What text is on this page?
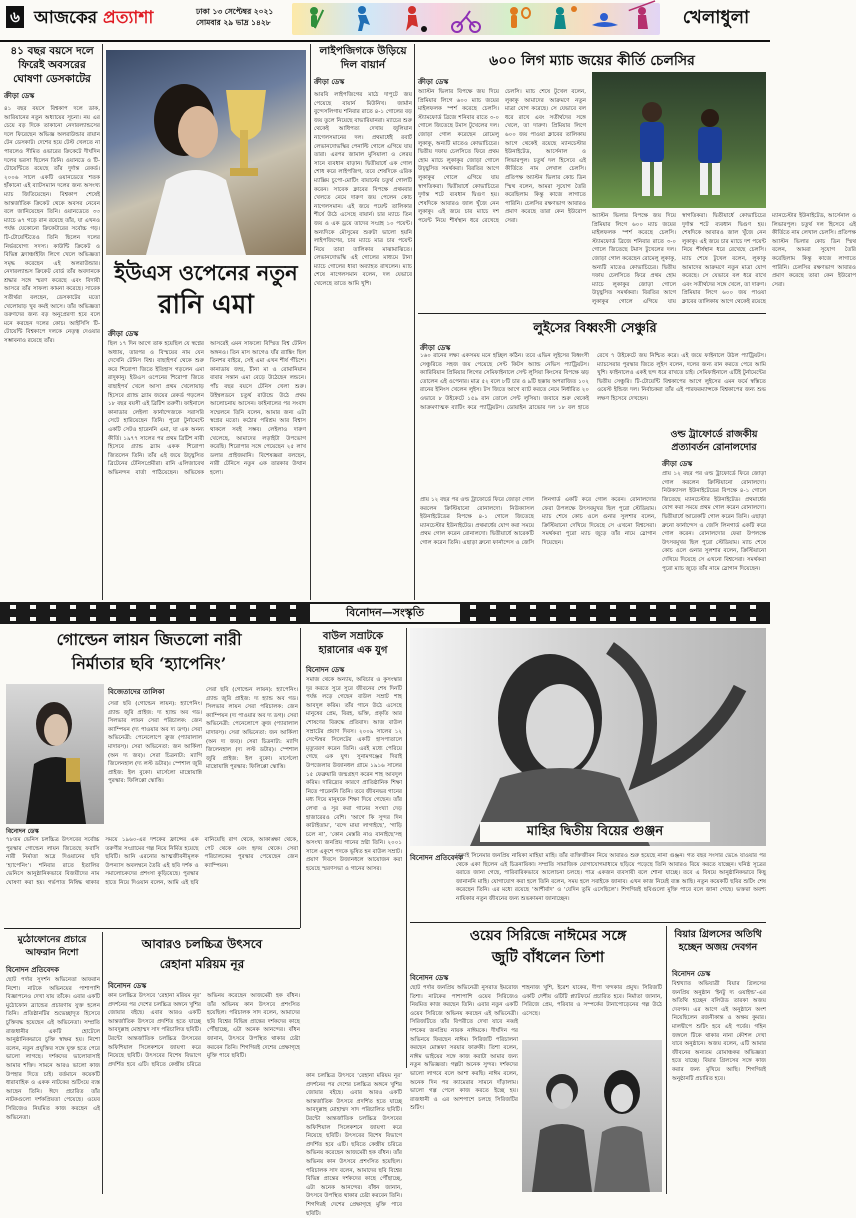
৬ আজকের প্রত্যাশা	ঢাকা ১৩ সেপ্টেম্বর ২০২১
সোমবার ২৯ ভাদ্র ১৪২৮	খেলাধুলা
৪১ বছর বয়সে দলে ফিরেই অবসরের ঘোষণা ডেসকাটের
ক্রীড়া ডেস্ক

৪১ বছর বয়সে বিশ্বকাপ দলে ডাক, আরিয়ানের নতুন অধ্যায়ের সূচনা। নয় এর চেয়ে বড় দিকে তাকানো নেদারল্যান্ডসের দলে ফিরেছেন অভিজ্ঞ অলরাউন্ডার রায়ান টেন ডেসকাট। দেশের হয়ে টেস্ট খেলতে না পারলেও সীমিত ওভারের ক্রিকেটে দীর্ঘদিন দলের ভরসা ছিলেন তিনি। ওয়ানডে ও টি-টোয়েন্টিতে রয়েছে তাঁর দুর্দান্ত রেকর্ড। ২০০৬ সালে একটি ওয়ানডেতে শতক হাঁকানো এই ব্যাটসম্যান দলের জন্য অসংখ্য ম্যাচ জিতিয়েছেন। বিশ্বকাপ শেষেই আন্তর্জাতিক ক্রিকেট থেকে অবসর নেবেন বলে জানিয়েছেন তিনি। ওয়ানডেতে ৩৩ ম্যাচে ৬৭ গড়ে রান রয়েছে তাঁর, যা এখনও পর্যন্ত যেকোনো ক্রিকেটারের সর্বোচ্চ গড়। টি-টোয়েন্টিতেও তিনি ছিলেন দলের নির্ভরযোগ্য সদস্য। কাউন্টি ক্রিকেট ও বিভিন্ন ফ্র্যাঞ্চাইজি লিগে খেলে অভিজ্ঞতা সমৃদ্ধ করেছেন এই অলরাউন্ডার। নেদারল্যান্ডস ক্রিকেট বোর্ড তাঁর অবদানকে শ্রদ্ধার সঙ্গে স্মরণ করেছে এবং বিদায়ী আসরে তাঁর সাফল্য কামনা করেছে। সাবেক সতীর্থরা বলছেন, ডেসকাটের মতো খেলোয়াড় খুব কমই আসে। তাঁর অভিজ্ঞতা তরুণদের জন্য বড় অনুপ্রেরণা হবে বলে মনে করছেন দলের কোচ। আইসিসি টি-টোয়েন্টি বিশ্বকাপে দলকে নেতৃত্ব দেওয়ার সম্ভাবনাও রয়েছে তাঁর।

ইউএস ওপেনের নতুন
রানি এমা
ক্রীড়া ডেস্ক

ছিল ১৭ দিন আগে তাক হয়েছিল যে স্বপ্নের অধ্যায়, তারপর ও বিস্ময়ের নাম যেন দেখেনি টেনিস বিশ্ব। বাছাইপর্ব থেকে শুরু করে শিরোপা জিতে ইতিহাস গড়লেন এমা রাদুকানু। ইউএস ওপেনের শিরোপা জিতে বাছাইপর্ব খেলে আসা প্রথম খেলোয়াড় হিসেবে গ্র্যান্ড স্ল্যাম জয়ের রেকর্ড গড়লেন ১৮ বছর বয়সী এই ব্রিটিশ তরুণী। ফাইনালে কানাডার লেইলা ফার্নান্দেজকে সরাসরি সেটে হারিয়েছেন তিনি। পুরো টুর্নামেন্টে একটি সেটও হারেননি এমা, যা এক অনন্য কীর্তি। ১৯৭৭ সালের পর প্রথম ব্রিটিশ নারী হিসেবে গ্র্যান্ড স্ল্যাম একক শিরোপা জিতলেন তিনি। তাঁর এই জয়ে উচ্ছ্বসিত ব্রিটেনের টেনিসপ্রেমীরা। রানি এলিজাবেথ অভিনন্দন বার্তা পাঠিয়েছেন। অভিষেক আসরেই এমন সাফল্যে বিস্মিত বিশ্ব টেনিস অঙ্গনও। তিন মাস আগেও যাঁর র‍্যাঙ্কিং ছিল তিনশর বাইরে, সেই এমা এখন শীর্ষ পঁচিশে। কানাডায় জন্ম, চীনা মা ও রোমানিয়ান বাবার সন্তান এমা বেড়ে উঠেছেন লন্ডনে। পাঁচ বছর বয়সে টেনিস খেলা শুরু। উইম্বলডনে চতুর্থ রাউন্ডে উঠে প্রথম আলোচনায় আসেন। ফাইনালের পর সংবাদ সম্মেলনে তিনি বলেন, আমার জন্য এটা স্বপ্নের মতো। কঠোর পরিশ্রম আর বিশ্বাস থাকলে সবই সম্ভব। লেইলাও দারুণ খেলেছে, আমাদের লড়াইটা উপভোগ করেছি। শিরোপার সঙ্গে পেয়েছেন ২৫ লাখ ডলার প্রাইজমানি। বিশেষজ্ঞরা বলছেন, নারী টেনিসে নতুন এক তারকার উত্থান হলো।

লাইপজিগকে উড়িয়ে দিল বায়ার্ন
ক্রীড়া ডেস্ক

আরবি লাইপজিগের মাঠে দাপুটে জয় পেয়েছে বায়ার্ন মিউনিখ। জার্মান বুন্দেসলিগায় শনিবার রাতে ৪-১ গোলের বড় জয় তুলে নিয়েছে বাভারিয়ানরা। ম্যাচের শুরু থেকেই আধিপত্য দেখায় জুলিয়ান নাগেলসমানের দল। প্রথমার্ধেই রবার্ট লেভানদোভস্কির পেনাল্টি গোলে এগিয়ে যায় তারা। এরপর জামাল মুসিয়ালা ও লেরয় সানে ব্যবধান বাড়ান। দ্বিতীয়ার্ধে এক গোল শোধ করে লাইপজিগ, তবে শেষদিকে এরিক ম্যাক্সিম চুপো-মোটিং বায়ার্নের চতুর্থ গোলটি করেন। সাবেক ক্লাবের বিপক্ষে প্রথমবার খেলতে নেমে দারুণ জয় পেলেন কোচ নাগেলসমান। এই জয়ে পয়েন্ট তালিকার শীর্ষে উঠে এসেছে বায়ার্ন। চার ম্যাচে তিন জয় ও এক ড্রয়ে তাদের সংগ্রহ ১০ পয়েন্ট। অন্যদিকে মৌসুমের শুরুটা ভালো হয়নি লাইপজিগের, চার ম্যাচে মাত্র চার পয়েন্ট নিয়ে তারা তালিকার মাঝামাঝিতে। লেভানদোভস্কি এই গোলের মাধ্যমে টানা ম্যাচে গোলের ধারা অব্যাহত রাখলেন। ম্যাচ শেষে নাগেলসমান বলেন, দল যেভাবে খেলেছে তাতে আমি খুশি।

৬০০ লিগ ম্যাচ জয়ের কীর্তি চেলসির
ক্রীড়া ডেস্ক

অ্যাস্টন ভিলার বিপক্ষে জয় দিয়ে প্রিমিয়ার লিগে ৬০০ ম্যাচ জয়ের মাইলফলক স্পর্শ করেছে চেলসি। স্ট্যামফোর্ড ব্রিজে শনিবার রাতে ৩-০ গোলে জিতেছে টমাস টুখেলের দল। জোড়া গোল করেছেন রোমেলু লুকাকু, অন্যটি মাতেও কোভাচিচের। দ্বিতীয় দফায় চেলসিতে ফিরে প্রথম হোম ম্যাচে লুকাকুর জোড়া গোলে উচ্ছ্বসিত সমর্থকরা। বিরতির আগে লুকাকুর গোলে এগিয়ে যায় স্বাগতিকরা। দ্বিতীয়ার্ধে কোভাচিচের দুর্দান্ত শটে ব্যবধান দ্বিগুণ হয়। শেষদিকে আবারও জাল খুঁজে নেন লুকাকু। এই জয়ে চার ম্যাচে দশ পয়েন্ট নিয়ে শীর্ষস্থান ধরে রেখেছে চেলসি। ম্যাচ শেষে টুখেল বলেন, লুকাকু আমাদের আক্রমণে নতুন মাত্রা যোগ করেছে। সে যেভাবে বল ধরে রাখে এবং সতীর্থদের সঙ্গে খেলে, তা দারুণ। প্রিমিয়ার লিগে ৬০০ জয় পাওয়া ক্লাবের তালিকায় আগে থেকেই রয়েছে ম্যানচেস্টার ইউনাইটেড, আর্সেনাল ও লিভারপুল। চতুর্থ দল হিসেবে এই কীর্তিতে নাম লেখাল চেলসি। প্রতিপক্ষ অ্যাস্টন ভিলার কোচ ডিন স্মিথ বলেন, আমরা সুযোগ তৈরি করেছিলাম কিন্তু কাজে লাগাতে পারিনি। চেলসির রক্ষণভাগ আবারও প্রমাণ করেছে তারা কেন ইউরোপ সেরা।

অ্যাস্টন ভিলার বিপক্ষে জয় দিয়ে প্রিমিয়ার লিগে ৬০০ ম্যাচ জয়ের মাইলফলক স্পর্শ করেছে চেলসি। স্ট্যামফোর্ড ব্রিজে শনিবার রাতে ৩-০ গোলে জিতেছে টমাস টুখেলের দল। জোড়া গোল করেছেন রোমেলু লুকাকু, অন্যটি মাতেও কোভাচিচের। দ্বিতীয় দফায় চেলসিতে ফিরে প্রথম হোম ম্যাচে লুকাকুর জোড়া গোলে উচ্ছ্বসিত সমর্থকরা। বিরতির আগে লুকাকুর গোলে এগিয়ে যায় স্বাগতিকরা। দ্বিতীয়ার্ধে কোভাচিচের দুর্দান্ত শটে ব্যবধান দ্বিগুণ হয়। শেষদিকে আবারও জাল খুঁজে নেন লুকাকু। এই জয়ে চার ম্যাচে দশ পয়েন্ট নিয়ে শীর্ষস্থান ধরে রেখেছে চেলসি। ম্যাচ শেষে টুখেল বলেন, লুকাকু আমাদের আক্রমণে নতুন মাত্রা যোগ করেছে। সে যেভাবে বল ধরে রাখে এবং সতীর্থদের সঙ্গে খেলে, তা দারুণ। প্রিমিয়ার লিগে ৬০০ জয় পাওয়া ক্লাবের তালিকায় আগে থেকেই রয়েছে ম্যানচেস্টার ইউনাইটেড, আর্সেনাল ও লিভারপুল। চতুর্থ দল হিসেবে এই কীর্তিতে নাম লেখাল চেলসি। প্রতিপক্ষ অ্যাস্টন ভিলার কোচ ডিন স্মিথ বলেন, আমরা সুযোগ তৈরি করেছিলাম কিন্তু কাজে লাগাতে পারিনি। চেলসির রক্ষণভাগ আবারও প্রমাণ করেছে তারা কেন ইউরোপ সেরা।

লুইসের বিধ্বংসী সেঞ্চুরি
ক্রীড়া ডেস্ক

১৬০ রানের লক্ষ্য একসময় মনে হচ্ছিল কঠিন। তবে এভিন লুইসের বিধ্বংসী সেঞ্চুরিতে সহজ জয় পেয়েছে সেন্ট কিটস অ্যান্ড নেভিস প্যাট্রিয়টস। ক্যারিবিয়ান প্রিমিয়ার লিগের সেমিফাইনালে সেন্ট লুসিয়া কিংসের বিপক্ষে ঝড় তোলেন এই ওপেনার। মাত্র ৫২ বলে ৮টি চার ও ৯টি ছক্কায় অপরাজিত ১০২ রানের ইনিংস খেলেন লুইস। টস জিতে আগে ব্যাট করতে নেমে নির্ধারিত ২০ ওভারে ৮ উইকেটে ১৫৯ রান তোলে সেন্ট লুসিয়া। জবাবে শুরু থেকেই আক্রমণাত্মক ব্যাটিং করে প্যাট্রিয়টস। ডোয়াইন ব্রাভোর দল ১৮ বল হাতে রেখে ৭ উইকেটে জয় নিশ্চিত করে। এই জয়ে ফাইনালে উঠল প্যাট্রিয়টস। ম্যাচসেরার পুরস্কার জিতে লুইস বলেন, দলের জন্য রান করতে পেরে আমি খুশি। ফাইনালেও একই ছন্দ ধরে রাখতে চাই। সেমিফাইনালে এটিই টুর্নামেন্টের দ্বিতীয় সেঞ্চুরি। টি-টোয়েন্টি বিশ্বকাপের আগে লুইসের এমন ফর্মে স্বস্তিতে ওয়েস্ট ইন্ডিজ দল। নির্বাচকরা তাঁর এই পারফরম্যান্সকে বিশ্বকাপের জন্য শুভ লক্ষণ হিসেবে দেখছেন।

ওল্ড ট্রাফোর্ডে রাজকীয় প্রত্যাবর্তন রোনালদোর

প্রায় ১২ বছর পর ওল্ড ট্রাফোর্ডে ফিরে জোড়া গোল করলেন ক্রিস্টিয়ানো রোনালদো। নিউক্যাসল ইউনাইটেডের বিপক্ষে ৪-১ গোলে জিতেছে ম্যানচেস্টার ইউনাইটেড। প্রথমার্ধের যোগ করা সময়ে প্রথম গোল করেন রোনালদো। দ্বিতীয়ার্ধে আরেকটি গোল করেন তিনি। এছাড়া ব্রুনো ফার্নান্দেস ও জেসি লিনগার্ড একটি করে গোল করেন। রোনালদোর ফেরা উপলক্ষে উৎসবমুখর ছিল পুরো স্টেডিয়াম। ম্যাচ শেষে কোচ ওলে গুনার সুলশার বলেন, ক্রিস্টিয়ানো দেখিয়ে দিয়েছে সে এখনো বিশ্বসেরা। সমর্থকরা পুরো ম্যাচ জুড়ে তাঁর নামে স্লোগান দিয়েছেন।

ক্রীড়া ডেস্ক

প্রায় ১২ বছর পর ওল্ড ট্রাফোর্ডে ফিরে জোড়া গোল করলেন ক্রিস্টিয়ানো রোনালদো। নিউক্যাসল ইউনাইটেডের বিপক্ষে ৪-১ গোলে জিতেছে ম্যানচেস্টার ইউনাইটেড। প্রথমার্ধের যোগ করা সময়ে প্রথম গোল করেন রোনালদো। দ্বিতীয়ার্ধে আরেকটি গোল করেন তিনি। এছাড়া ব্রুনো ফার্নান্দেস ও জেসি লিনগার্ড একটি করে গোল করেন। রোনালদোর ফেরা উপলক্ষে উৎসবমুখর ছিল পুরো স্টেডিয়াম। ম্যাচ শেষে কোচ ওলে গুনার সুলশার বলেন, ক্রিস্টিয়ানো দেখিয়ে দিয়েছে সে এখনো বিশ্বসেরা। সমর্থকরা পুরো ম্যাচ জুড়ে তাঁর নামে স্লোগান দিয়েছেন।

বিনোদন—সংস্কৃতি
গোল্ডেন লায়ন জিতলো নারী
নির্মাতার ছবি ‘হ্যাপেনিং’
বিনোদন ডেস্ক
বিজেতাদের তালিকা

সেরা ছবি (গোল্ডেন লায়ন): হ্যাপেনিং। গ্র্যান্ড জুরি প্রাইজ: দ্য হ্যান্ড অব গড। সিলভার লায়ন সেরা পরিচালক: জেন ক্যাম্পিয়ন (দ্য পাওয়ার অব দ্য ডগ)। সেরা অভিনেত্রী: পেনেলোপে ক্রুজ (প্যারালাল মাদারস)। সেরা অভিনেতা: জন আর্কিলা (অন দ্য জব)। সেরা চিত্রনাট্য: ম্যাগি জিলেনহাল (দ্য লস্ট ডটার)। স্পেশাল জুরি প্রাইজ: ইল বুকো। মার্সেলো মাস্ত্রোয়ান্নি পুরস্কার: ফিলিপ্পো স্কোত্তি।

সেরা ছবি (গোল্ডেন লায়ন): হ্যাপেনিং। গ্র্যান্ড জুরি প্রাইজ: দ্য হ্যান্ড অব গড। সিলভার লায়ন সেরা পরিচালক: জেন ক্যাম্পিয়ন (দ্য পাওয়ার অব দ্য ডগ)। সেরা অভিনেত্রী: পেনেলোপে ক্রুজ (প্যারালাল মাদারস)। সেরা অভিনেতা: জন আর্কিলা (অন দ্য জব)। সেরা চিত্রনাট্য: ম্যাগি জিলেনহাল (দ্য লস্ট ডটার)। স্পেশাল জুরি প্রাইজ: ইল বুকো। মার্সেলো মাস্ত্রোয়ান্নি পুরস্কার: ফিলিপ্পো স্কোত্তি।

৭৮তম ভেনিস চলচ্চিত্র উৎসবের সর্বোচ্চ পুরস্কার গোল্ডেন লায়ন জিতেছে ফরাসি নারী নির্মাতা অদ্রে দিওয়ানের ছবি ‘হ্যাপেনিং’। শনিবার রাতে ইতালির ভেনিসে আনুষ্ঠানিকভাবে বিজয়ীদের নাম ঘোষণা করা হয়। গর্ভপাত নিষিদ্ধ থাকার সময়ে ১৯৬০-এর দশকের ফ্রান্সের এক তরুণীর সংগ্রামের গল্প নিয়ে নির্মিত হয়েছে ছবিটি। আনি এরনোর আত্মজীবনীমূলক উপন্যাস অবলম্বনে তৈরি এই ছবি দর্শক ও সমালোচকদের প্রশংসা কুড়িয়েছে। পুরস্কার হাতে নিয়ে দিওয়ান বলেন, আমি এই ছবি বানিয়েছি রাগ থেকে, আকাঙ্ক্ষা থেকে, পেট থেকে এবং হৃদয় থেকে। সেরা পরিচালকের পুরস্কার পেয়েছেন জেন ক্যাম্পিয়ন।

বাউল সম্রাটকে হারানোর এক যুগ
বিনোদন ডেস্ক

সমাজ থেকে অন্যায়, অবিচার ও কুসংস্কার দূর করতে সুরে সুরে জীবনের শেষ দিনটি পর্যন্ত লড়ে গেছেন বাউল সম্রাট শাহ আবদুল করিম। তাঁর গানে উঠে এসেছে মানুষের প্রেম, বিরহ, ভক্তি, প্রকৃতি আর শোষণের বিরুদ্ধে প্রতিবাদ। আজ বাউল সম্রাটের প্রয়াণ দিবস। ২০০৯ সালের ১২ সেপ্টেম্বর সিলেটের একটি হাসপাতালে মৃত্যুবরণ করেন তিনি। এরই মধ্যে পেরিয়ে গেছে এক যুগ। সুনামগঞ্জের দিরাই উপজেলার উজানধল গ্রামে ১৯১৬ সালের ১৫ ফেব্রুয়ারি জন্মগ্রহণ করেন শাহ আবদুল করিম। দারিদ্র্যের কারণে প্রাতিষ্ঠানিক শিক্ষা নিতে পারেননি তিনি। তবে জীবনভর গানের মধ্য দিয়ে মানুষকে শিক্ষা দিয়ে গেছেন। তাঁর লেখা ও সুর করা গানের সংখ্যা দেড় হাজারেরও বেশি। ‘আগে কি সুন্দর দিন কাটাইতাম’, ‘বন্দে মায়া লাগাইছে’, ‘গাড়ি চলে না’, ‘কোন মেস্তরি নাও বানাইছে’সহ অসংখ্য জনপ্রিয় গানের স্রষ্টা তিনি। ২০০১ সালে একুশে পদকে ভূষিত হন বাউল সম্রাট। প্রয়াণ দিবসে উজানধলে আয়োজন করা হয়েছে স্মরণসভা ও গানের আসর।

মাহির দ্বিতীয় বিয়ের গুঞ্জন
বিনোদন প্রতিবেদক

ঢাকাই সিনেমার জনপ্রিয় নায়িকা মাহিয়া মাহি। তাঁর ব্যক্তিজীবন নিয়ে আবারও শুরু হয়েছে নানা গুঞ্জন। গত বছর সংসার ভেঙে যাওয়ার পর থেকে একা ছিলেন এই চিত্রনায়িকা। সম্প্রতি সামাজিক যোগাযোগমাধ্যমে ছড়িয়ে পড়েছে তিনি আবারও বিয়ে করতে যাচ্ছেন। ঘনিষ্ঠ সূত্রের বরাতে জানা গেছে, পারিবারিকভাবে আলোচনা চলছে। পাত্র একজন ব্যবসায়ী বলে শোনা যাচ্ছে। তবে এ বিষয়ে আনুষ্ঠানিকভাবে কিছু জানাননি মাহি। যোগাযোগ করা হলে তিনি বলেন, সময় হলে সবাইকে জানাব। এখন কাজ নিয়েই ব্যস্ত আছি। নতুন কয়েকটি ছবির শুটিং শেষ করেছেন তিনি। এর মধ্যে রয়েছে ‘আশীর্বাদ’ ও ‘যেদিন তুমি এসেছিলে’। শিগগিরই ছবিগুলো মুক্তি পাবে বলে জানা গেছে। ভক্তরা অবশ্য নায়িকার নতুন জীবনের জন্য শুভকামনা জানাচ্ছেন।

মুঠোফোনের প্রচারে আফরান নিশো
বিনোদন প্রতিবেদক

ছোট পর্দার সুদর্শন অভিনেতা আফরান নিশো। নাটকে অভিনয়ের পাশাপাশি বিজ্ঞাপনেও দেখা যায় তাঁকে। এবার একটি মুঠোফোন ব্র্যান্ডের প্রচারণায় যুক্ত হলেন তিনি। প্রতিষ্ঠানটির শুভেচ্ছাদূত হিসেবে চুক্তিবদ্ধ হয়েছেন এই অভিনেতা। সম্প্রতি রাজধানীর একটি হোটেলে আনুষ্ঠানিকভাবে চুক্তি স্বাক্ষর হয়। নিশো বলেন, নতুন প্রযুক্তির সঙ্গে যুক্ত হতে পেরে ভালো লাগছে। দর্শকদের ভালোবাসাই আমার শক্তি। সামনে আরও ভালো কাজ উপহার দিতে চাই। বর্তমানে কয়েকটি ধারাবাহিক ও একক নাটকের শুটিংয়ে ব্যস্ত আছেন তিনি। ঈদে প্রচারিত তাঁর নাটকগুলো দর্শকপ্রিয়তা পেয়েছে। ওয়েব সিরিজেও নিয়মিত কাজ করছেন এই অভিনেতা।

আবারও চলচ্চিত্র উৎসবে
রেহানা মরিয়ম নূর
বিনোদন ডেস্ক

কান চলচ্চিত্র উৎসবে ‘রেহানা মরিয়ম নূর’ প্রদর্শনের পর দেশের চলচ্চিত্র অঙ্গনে খুশির জোয়ার বইছে। এবার আরও একটি আন্তর্জাতিক উৎসবে প্রদর্শিত হতে যাচ্ছে আবদুল্লাহ মোহাম্মদ সাদ পরিচালিত ছবিটি। টরন্টো আন্তর্জাতিক চলচ্চিত্র উৎসবের অফিশিয়াল সিলেকশনে জায়গা করে নিয়েছে ছবিটি। উৎসবের বিশেষ বিভাগে প্রদর্শিত হবে এটি। ছবিতে কেন্দ্রীয় চরিত্রে অভিনয় করেছেন আজমেরী হক বাঁধন। তাঁর অভিনয় কান উৎসবে প্রশংসিত হয়েছিল। পরিচালক সাদ বলেন, আমাদের ছবি বিশ্বের বিভিন্ন প্রান্তের দর্শকদের কাছে পৌঁছাচ্ছে, এটা অনেক আনন্দের। বাঁধন জানান, উৎসবে উপস্থিত থাকার চেষ্টা করবেন তিনি। শিগগিরই দেশের প্রেক্ষাগৃহে মুক্তি পাবে ছবিটি।

কান চলচ্চিত্র উৎসবে ‘রেহানা মরিয়ম নূর’ প্রদর্শনের পর দেশের চলচ্চিত্র অঙ্গনে খুশির জোয়ার বইছে। এবার আরও একটি আন্তর্জাতিক উৎসবে প্রদর্শিত হতে যাচ্ছে আবদুল্লাহ মোহাম্মদ সাদ পরিচালিত ছবিটি। টরন্টো আন্তর্জাতিক চলচ্চিত্র উৎসবের অফিশিয়াল সিলেকশনে জায়গা করে নিয়েছে ছবিটি। উৎসবের বিশেষ বিভাগে প্রদর্শিত হবে এটি। ছবিতে কেন্দ্রীয় চরিত্রে অভিনয় করেছেন আজমেরী হক বাঁধন। তাঁর অভিনয় কান উৎসবে প্রশংসিত হয়েছিল। পরিচালক সাদ বলেন, আমাদের ছবি বিশ্বের বিভিন্ন প্রান্তের দর্শকদের কাছে পৌঁছাচ্ছে, এটা অনেক আনন্দের। বাঁধন জানান, উৎসবে উপস্থিত থাকার চেষ্টা করবেন তিনি। শিগগিরই দেশের প্রেক্ষাগৃহে মুক্তি পাবে ছবিটি।

ওয়েব সিরিজে নাঈমের সঙ্গে
জুটি বাঁধলেন তিশা
বিনোদন ডেস্ক

ছোট পর্দার জনপ্রিয় অভিনেত্রী নুসরাত ইমরোজ তিশা। নাটকের পাশাপাশি ওয়েব সিরিজেও নিয়মিত কাজ করছেন তিনি। এবার নতুন একটি ওয়েব সিরিজে অভিনয় করছেন এই অভিনেত্রী। সিরিজটিতে তাঁর বিপরীতে দেখা যাবে নব্বই দশকের জনপ্রিয় নায়ক নাঈমকে। দীর্ঘদিন পর অভিনয়ে ফিরছেন নাঈম। সিরিজটি পরিচালনা করছেন মোস্তফা সরয়ার ফারুকী। তিশা বলেন, নাঈম ভাইয়ের সঙ্গে কাজ করাটা আমার জন্য নতুন অভিজ্ঞতা। গল্পটা অনেক সুন্দর। দর্শকদের ভালো লাগবে বলে আশা করছি। নাঈম বলেন, অনেক দিন পর ক্যামেরার সামনে দাঁড়ালাম। ভালো গল্প পেলে কাজ করতে ইচ্ছে হয়। রাজধানী ও এর আশপাশে চলছে সিরিজটির শুটিং।

শাহনাজ খুশি, ইরেশ যাকের, দীপা খন্দকার প্রমুখ। সিরিজটি একটি দেশীয় ওটিটি প্ল্যাটফর্মে প্রচারিত হবে। নির্মাতা জানান, সিরিজে প্রেম, পরিবার ও সম্পর্কের টানাপোড়েনের গল্প উঠে এসেছে।

বিয়ার গ্রিলসের অতিথি হচ্ছেন অজয় দেবগন
বিনোদন ডেস্ক

বিশ্বখ্যাত অভিযাত্রী বিয়ার গ্রিলসের জনপ্রিয় অনুষ্ঠান ‘ইনটু দ্য ওয়াইল্ড’-এর অতিথি হচ্ছেন বলিউড তারকা অজয় দেবগন। এর আগে এই অনুষ্ঠানে অংশ নিয়েছিলেন রজনীকান্ত ও অক্ষয় কুমার। মালদ্বীপে শুটিং হবে এই পর্বের। গহিন জঙ্গলে টিকে থাকার নানা কৌশল দেখা যাবে অনুষ্ঠানে। অজয় বলেন, এটি আমার জীবনের অন্যতম রোমাঞ্চকর অভিজ্ঞতা হতে যাচ্ছে। বিয়ার গ্রিলসের সঙ্গে কাজ করার জন্য মুখিয়ে আছি। শিগগিরই অনুষ্ঠানটি প্রচারিত হবে।
